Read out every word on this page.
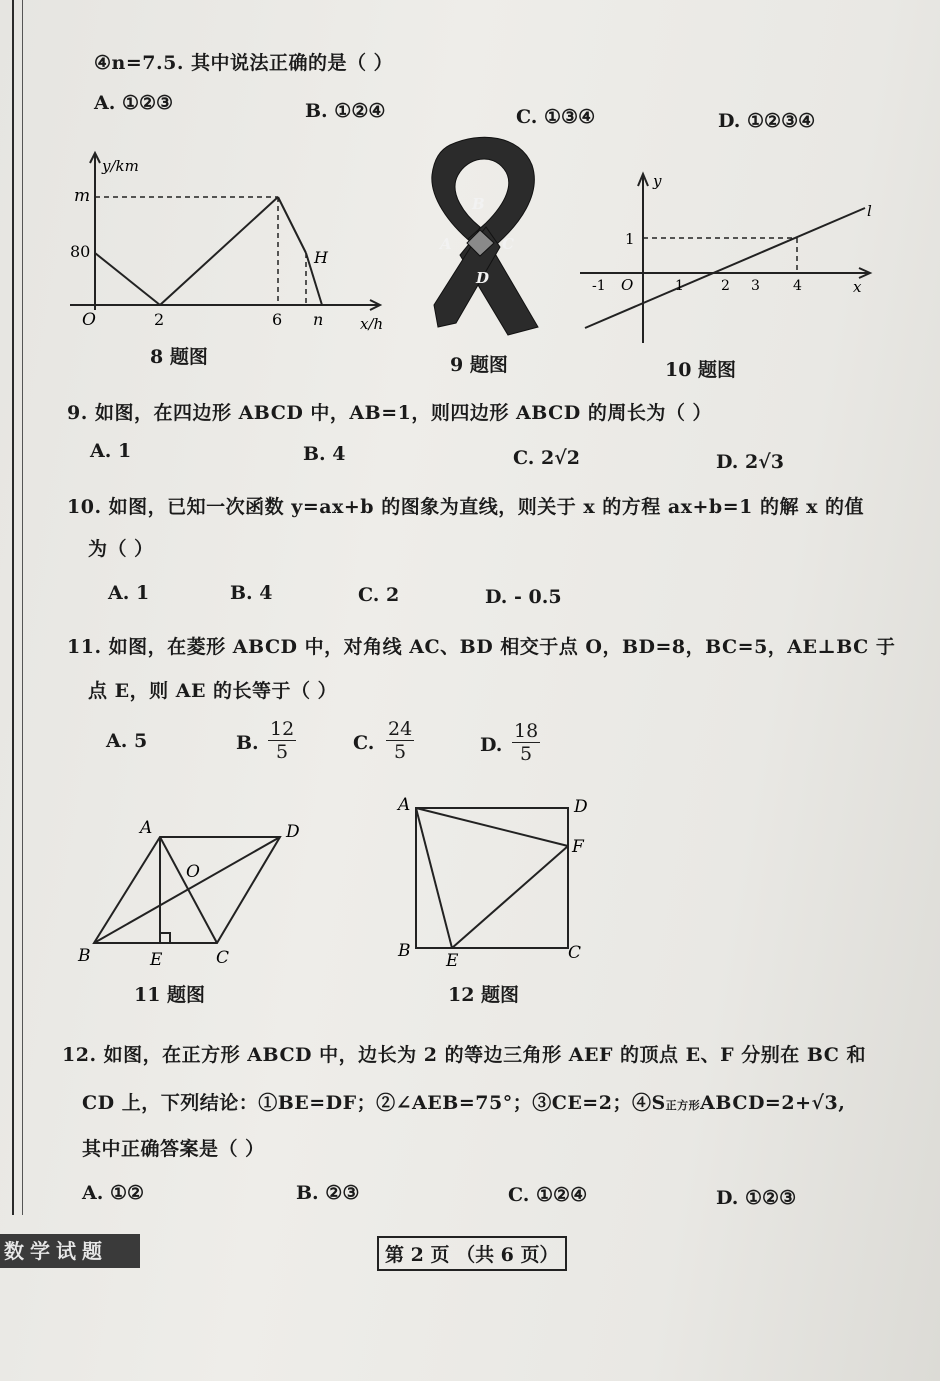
④n=7.5. 其中说法正确的是（ ）
A. ①②③	B. ①②④	C. ①③④	D. ①②③④
y/km
m
80
O	2	6 n x/h
H
8 题图
B
A	C
D
9 题图
y
1
-1 O	1	2 3 4	x
l
10 题图
9. 如图，在四边形 ABCD 中，AB=1，则四边形 ABCD 的周长为（ ）
A. 1	B. 4	C. 2√2	D. 2√3
10. 如图，已知一次函数 y=ax+b 的图象为直线，则关于 x 的方程 ax+b=1 的解 x 的值
为（ ）
A. 1	B. 4	C. 2	D. - 0.5
11. 如图，在菱形 ABCD 中，对角线 AC、BD 相交于点 O，BD=8，BC=5，AE⊥BC 于
点 E，则 AE 的长等于（ ）
A. 5	B. $\frac{12}{5}$	C. $\frac{24}{5}$	D. $\frac{18}{5}$
A	D
O
B	E	C
11 题图
A	D
F
B E	C
12 题图
12. 如图，在正方形 ABCD 中，边长为 2 的等边三角形 AEF 的顶点 E、F 分别在 BC 和
CD 上，下列结论：①BE=DF；②∠AEB=75°；③CE=2；④S正方形ABCD=2+√3,
其中正确答案是（ ）
A. ①②	B. ②③	C. ①②④	D. ①②③
数学试题	第 2 页 （共 6 页）
